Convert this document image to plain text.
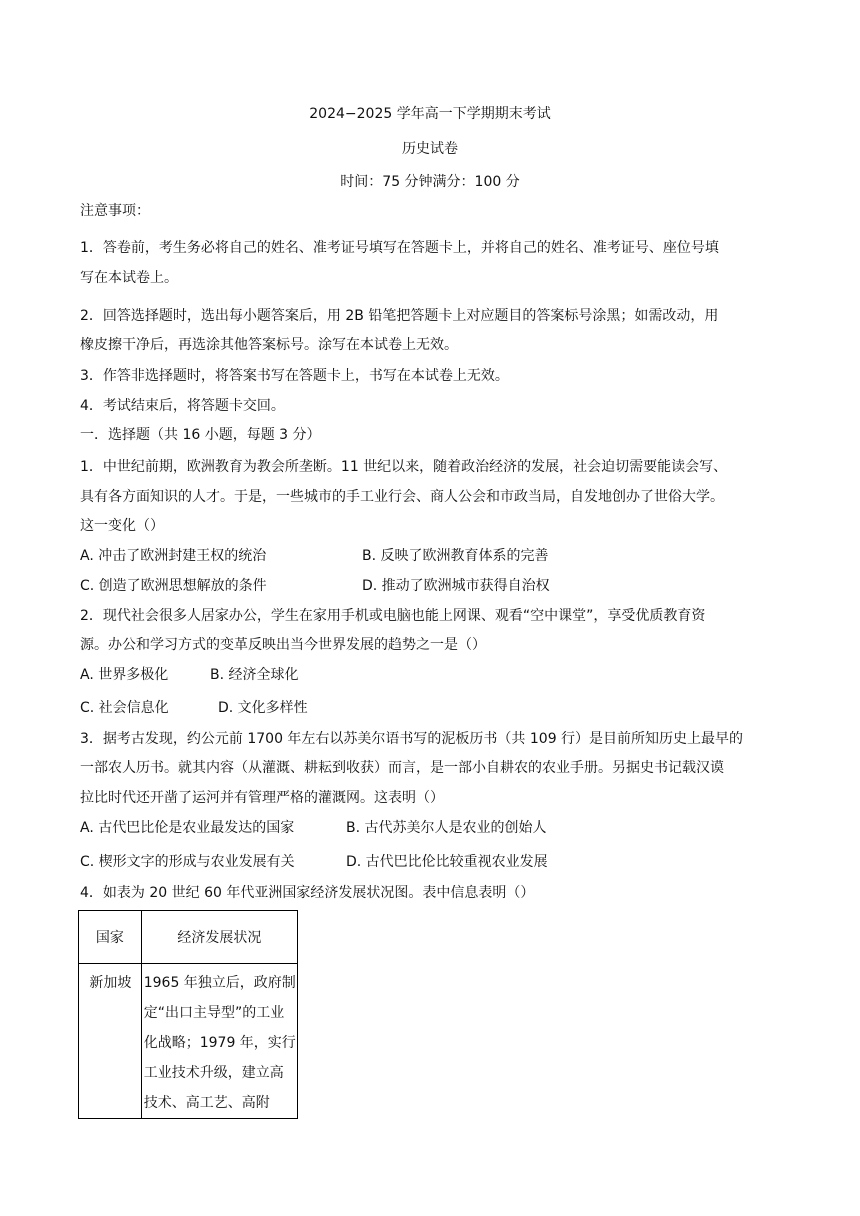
2024−2025 学年高一下学期期末考试
历史试卷
时间：75 分钟满分：100 分
注意事项：
1．答卷前，考生务必将自己的姓名、准考证号填写在答题卡上，并将自己的姓名、准考证号、座位号填
写在本试卷上。
2．回答选择题时，选出每小题答案后，用 2B 铅笔把答题卡上对应题目的答案标号涂黑；如需改动，用
橡皮擦干净后，再选涂其他答案标号。涂写在本试卷上无效。
3．作答非选择题时，将答案书写在答题卡上，书写在本试卷上无效。
4．考试结束后，将答题卡交回。
一．选择题（共 16 小题，每题 3 分）
1．中世纪前期，欧洲教育为教会所垄断。11 世纪以来，随着政治经济的发展，社会迫切需要能读会写、
具有各方面知识的人才。于是，一些城市的手工业行会、商人公会和市政当局，自发地创办了世俗大学。
这一变化（）
A. 冲击了欧洲封建王权的统治	B. 反映了欧洲教育体系的完善
C. 创造了欧洲思想解放的条件	D. 推动了欧洲城市获得自治权
2．现代社会很多人居家办公，学生在家用手机或电脑也能上网课、观看“空中课堂”，享受优质教育资
源。办公和学习方式的变革反映出当今世界发展的趋势之一是（）
A. 世界多极化	B. 经济全球化
C. 社会信息化	D. 文化多样性
3．据考古发现，约公元前 1700 年左右以苏美尔语书写的泥板历书（共 109 行）是目前所知历史上最早的
一部农人历书。就其内容（从灌溉、耕耘到收获）而言，是一部小自耕农的农业手册。另据史书记载汉谟
拉比时代还开凿了运河并有管理严格的灌溉网。这表明（）
A. 古代巴比伦是农业最发达的国家	B. 古代苏美尔人是农业的创始人
C. 楔形文字的形成与农业发展有关	D. 古代巴比伦比较重视农业发展
4．如表为 20 世纪 60 年代亚洲国家经济发展状况图。表中信息表明（）
国家	经济发展状况

新加坡	1965 年独立后，政府制定“出口主导型”的工业化战略；1979 年，实行工业技术升级，建立高技术、高工艺、高附
